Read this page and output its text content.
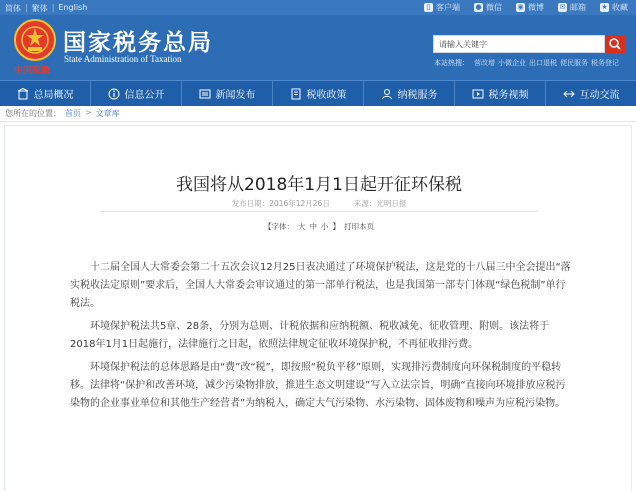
简体 | 繁体 | English	▯ 客户端 ● 微信 ◉ 微博 ✉ 邮箱 ★ 收藏
中国税徽
国家税务总局
State Administration of Taxation
请输入关键字
本站热搜： 营改增 小微企业 出口退税 便民服务 税务登记
总局概况	信息公开	新闻发布	税收政策	纳税服务	税务视频	互动交流
您所在的位置： 首页 > 文章库
我国将从2018年1月1日起开征环保税
发布日期：2016年12月26日	来源：光明日报
【字体： 大 中 小 】 打印本页

十二届全国人大常委会第二十五次会议12月25日表决通过了环境保护税法，这是党的十八届三中全会提出“落实税收法定原则”要求后，全国人大常委会审议通过的第一部单行税法，也是我国第一部专门体现“绿色税制”单行税法。

环境保护税法共5章、28条，分别为总则、计税依据和应纳税额、税收减免、征收管理、附则。该法将于2018年1月1日起施行，法律施行之日起，依照法律规定征收环境保护税，不再征收排污费。

环境保护税法的总体思路是由“费”改“税”，即按照“税负平移”原则，实现排污费制度向环保税制度的平稳转移。法律将“保护和改善环境，减少污染物排放，推进生态文明建设”写入立法宗旨，明确“直接向环境排放应税污染物的企业事业单位和其他生产经营者”为纳税人，确定大气污染物、水污染物、固体废物和噪声为应税污染物。
